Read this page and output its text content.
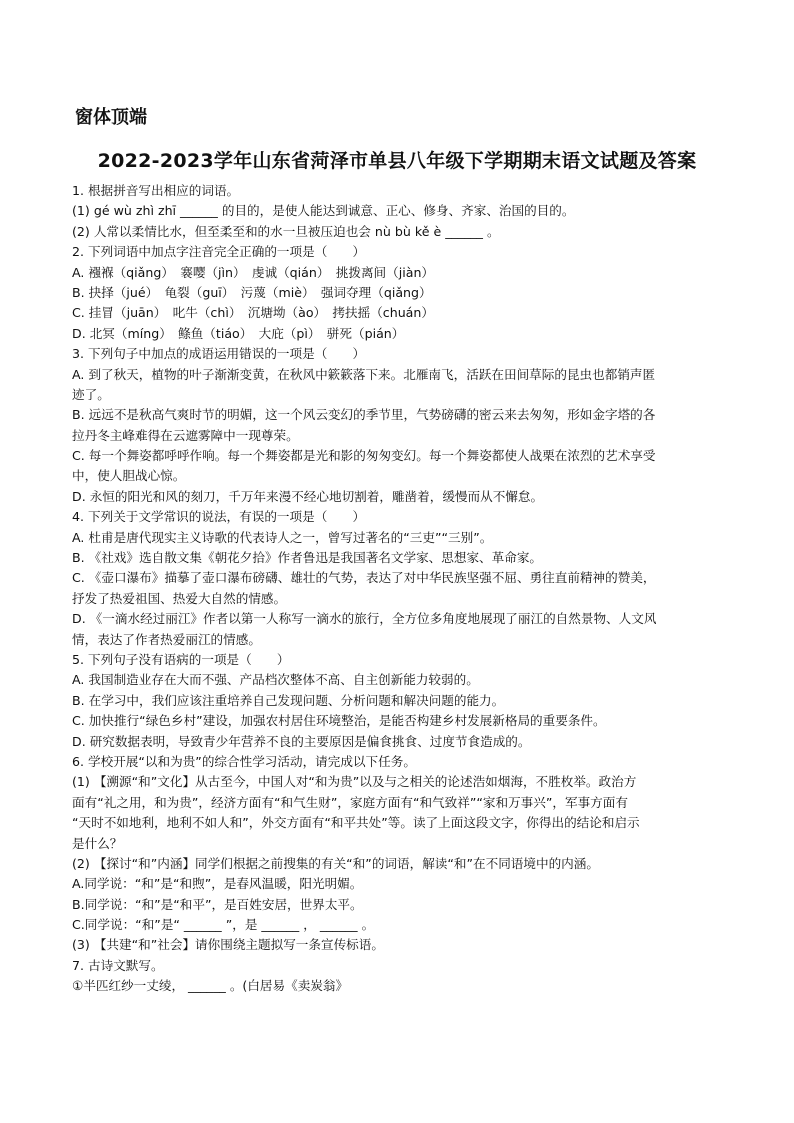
窗体顶端
2022-2023学年山东省菏泽市单县八年级下学期期末语文试题及答案
1. 根据拼音写出相应的词语。
(1) gé wù zhì zhī ______ 的目的，是使人能达到诚意、正心、修身、齐家、治国的目的。
(2) 人常以柔情比水，但至柔至和的水一旦被压迫也会 nù bù kě è ______ 。
2. 下列词语中加点字注音完全正确的一项是（　　）
A. 襁褓（qiǎng）　褰嘤（jìn）　虔诚（qián）　挑拨离间（jiàn）
B. 抉择（jué）　龟裂（guī）　污蔑（miè）　强词夺理（qiǎng）
C. 挂冒（juān）　叱牛（chì）　沉塘坳（ào）　拷扶摇（chuán）
D. 北冥（míng）　鲦鱼（tiáo）　大庇（pì）　骈死（pián）
3. 下列句子中加点的成语运用错误的一项是（　　）
A. 到了秋天，植物的叶子渐渐变黄，在秋风中簌簌落下来。北雁南飞，活跃在田间草际的昆虫也都销声匿
迹了。
B. 远远不是秋高气爽时节的明媚，这一个风云变幻的季节里，气势磅礴的密云来去匆匆，形如金字塔的各
拉丹冬主峰难得在云遮雾障中一现尊荣。
C. 每一个舞姿都呼呼作响。每一个舞姿都是光和影的匆匆变幻。每一个舞姿都使人战栗在浓烈的艺术享受
中，使人胆战心惊。
D. 永恒的阳光和风的刻刀，千万年来漫不经心地切割着，雕凿着，缓慢而从不懈怠。
4. 下列关于文学常识的说法，有误的一项是（　　）
A. 杜甫是唐代现实主义诗歌的代表诗人之一，曾写过著名的“三吏”“三别”。
B. 《社戏》选自散文集《朝花夕拾》作者鲁迅是我国著名文学家、思想家、革命家。
C. 《壶口瀑布》描摹了壶口瀑布磅礴、雄壮的气势，表达了对中华民族坚强不屈、勇往直前精神的赞美，
抒发了热爱祖国、热爱大自然的情感。
D. 《一滴水经过丽江》作者以第一人称写一滴水的旅行，全方位多角度地展现了丽江的自然景物、人文风
情，表达了作者热爱丽江的情感。
5. 下列句子没有语病的一项是（　　）
A. 我国制造业存在大而不强、产品档次整体不高、自主创新能力较弱的。
B. 在学习中，我们应该注重培养自己发现问题、分析问题和解决问题的能力。
C. 加快推行“绿色乡村”建设，加强农村居住环境整治，是能否构建乡村发展新格局的重要条件。
D. 研究数据表明，导致青少年营养不良的主要原因是偏食挑食、过度节食造成的。
6. 学校开展“以和为贵”的综合性学习活动，请完成以下任务。
(1) 【溯源“和”文化】从古至今，中国人对“和为贵”以及与之相关的论述浩如烟海，不胜枚举。政治方
面有“礼之用，和为贵”，经济方面有“和气生财”，家庭方面有“和气致祥”“家和万事兴”，军事方面有
“天时不如地利，地利不如人和”，外交方面有“和平共处”等。读了上面这段文字，你得出的结论和启示
是什么？
(2) 【探讨“和”内涵】同学们根据之前搜集的有关“和”的词语，解读“和”在不同语境中的内涵。
A.同学说：“和”是“和煦”，是春风温暖，阳光明媚。
B.同学说：“和”是“和平”，是百姓安居，世界太平。
C.同学说：“和”是“ ______ ”，是 ______ ， ______ 。
(3) 【共建“和”社会】请你围绕主题拟写一条宣传标语。
7. 古诗文默写。
①半匹红纱一丈绫， ______ 。(白居易《卖炭翁》
